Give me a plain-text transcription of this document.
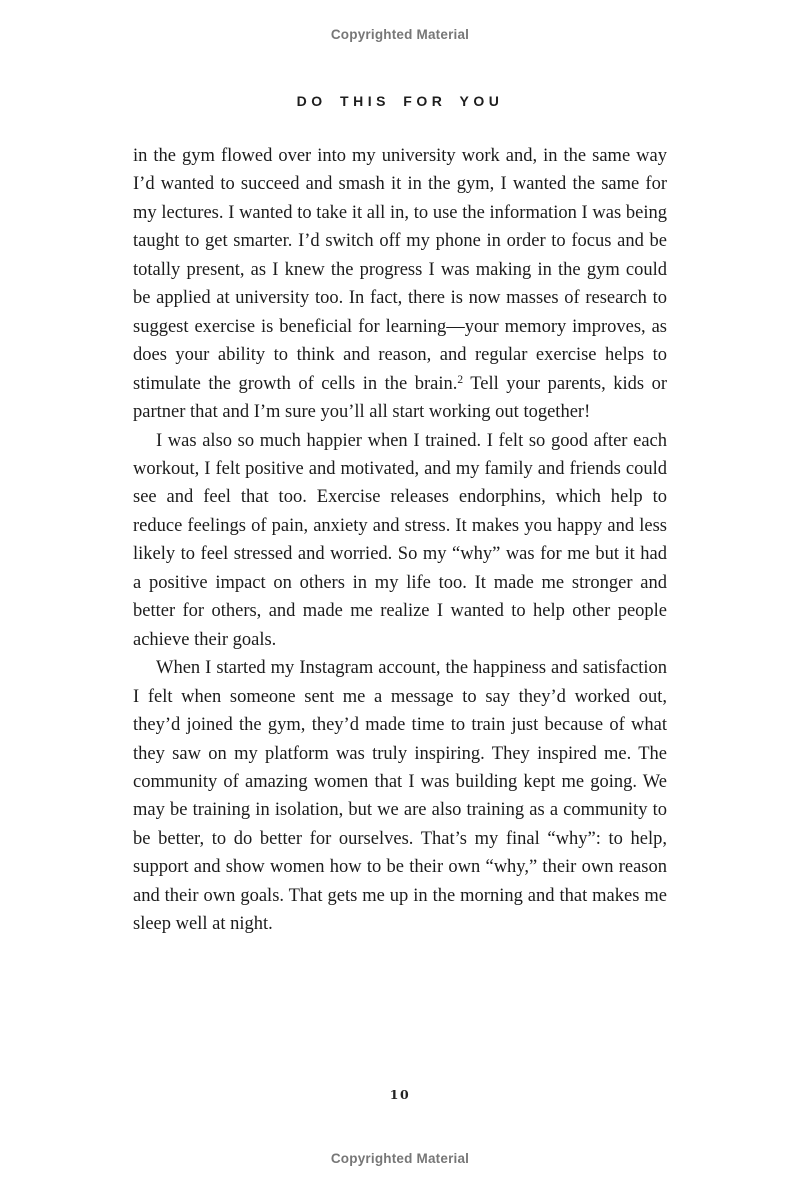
Copyrighted Material
DO THIS FOR YOU

in the gym flowed over into my university work and, in the same way I’d wanted to succeed and smash it in the gym, I wanted the same for my lectures. I wanted to take it all in, to use the information I was being taught to get smarter. I’d switch off my phone in order to focus and be totally present, as I knew the progress I was making in the gym could be applied at university too. In fact, there is now masses of research to suggest exercise is beneficial for learning—your memory improves, as does your ability to think and reason, and regular exercise helps to stimulate the growth of cells in the brain.$^2$ Tell your parents, kids or partner that and I’m sure you’ll all start working out together!

I was also so much happier when I trained. I felt so good after each workout, I felt positive and motivated, and my family and friends could see and feel that too. Exercise releases endorphins, which help to reduce feelings of pain, anxiety and stress. It makes you happy and less likely to feel stressed and worried. So my “why” was for me but it had a positive impact on others in my life too. It made me stronger and better for others, and made me realize I wanted to help other people achieve their goals.

When I started my Instagram account, the happiness and satisfaction I felt when someone sent me a message to say they’d worked out, they’d joined the gym, they’d made time to train just because of what they saw on my platform was truly inspiring. They inspired me. The community of amazing women that I was building kept me going. We may be training in isolation, but we are also training as a community to be better, to do better for ourselves. That’s my final “why”: to help, support and show women how to be their own “why,” their own reason and their own goals. That gets me up in the morning and that makes me sleep well at night.

10
Copyrighted Material
